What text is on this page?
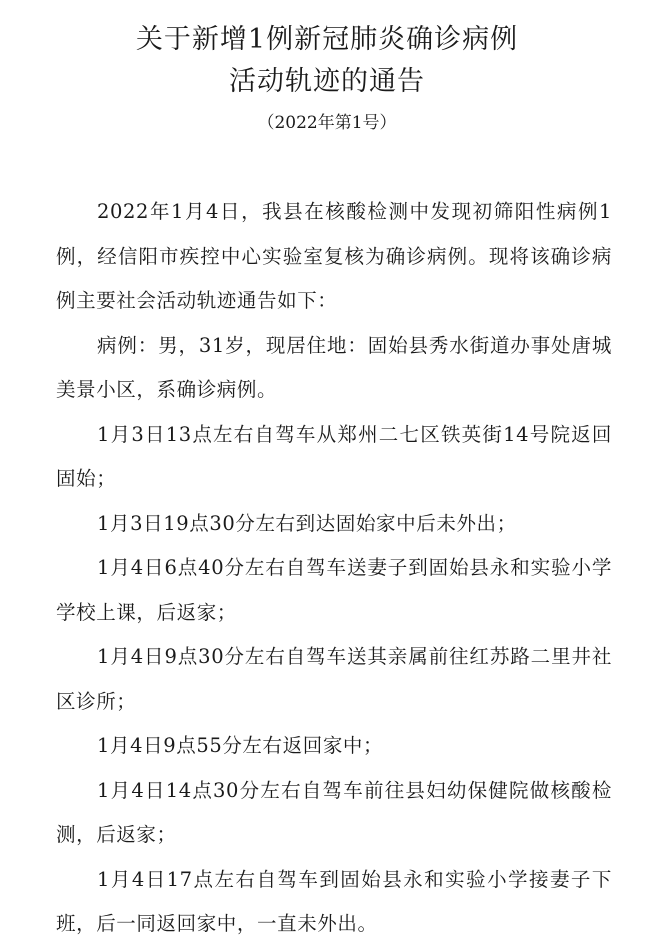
关于新增1例新冠肺炎确诊病例
活动轨迹的通告
（2022年第1号）

2022年1月4日，我县在核酸检测中发现初筛阳性病例1例，经信阳市疾控中心实验室复核为确诊病例。现将该确诊病例主要社会活动轨迹通告如下：

病例：男，31岁，现居住地：固始县秀水街道办事处唐城美景小区，系确诊病例。

1月3日13点左右自驾车从郑州二七区铁英街14号院返回固始；

1月3日19点30分左右到达固始家中后未外出；

1月4日6点40分左右自驾车送妻子到固始县永和实验小学学校上课，后返家；

1月4日9点30分左右自驾车送其亲属前往红苏路二里井社区诊所；

1月4日9点55分左右返回家中；

1月4日14点30分左右自驾车前往县妇幼保健院做核酸检测，后返家；

1月4日17点左右自驾车到固始县永和实验小学接妻子下班，后一同返回家中，一直未外出。
